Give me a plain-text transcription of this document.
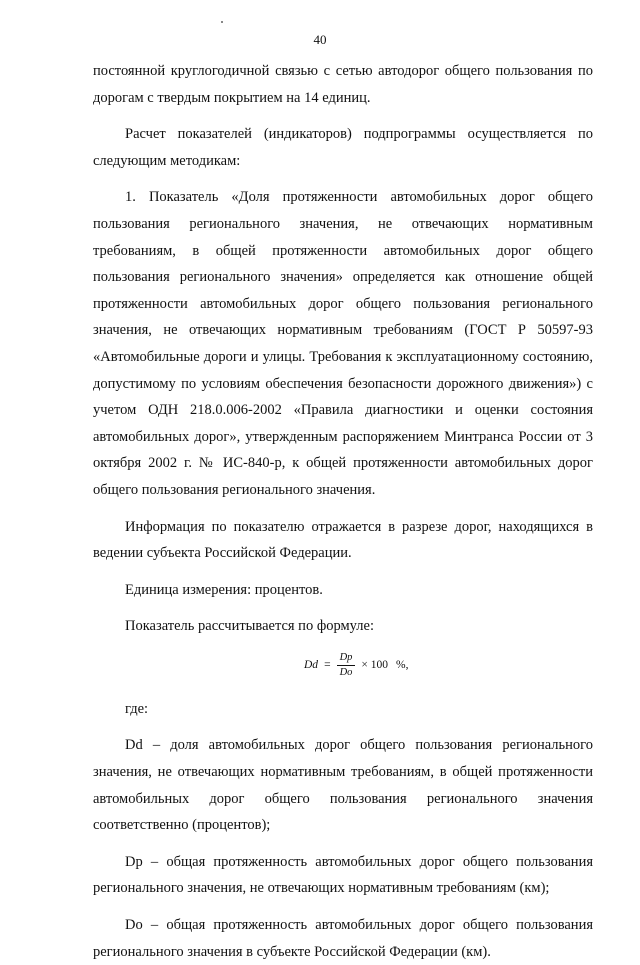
40

постоянной круглогодичной связью с сетью автодорог общего пользования по дорогам с твердым покрытием на 14 единиц.

Расчет показателей (индикаторов) подпрограммы осуществляется по следующим методикам:

1. Показатель «Доля протяженности автомобильных дорог общего пользования регионального значения, не отвечающих нормативным требованиям, в общей протяженности автомобильных дорог общего пользования регионального значения» определяется как отношение общей протяженности автомобильных дорог общего пользования регионального значения, не отвечающих нормативным требованиям (ГОСТ Р 50597-93 «Автомобильные дороги и улицы. Требования к эксплуатационному состоянию, допустимому по условиям обеспечения безопасности дорожного движения») с учетом ОДН 218.0.006-2002 «Правила диагностики и оценки состояния автомобильных дорог», утвержденным распоряжением Минтранса России от 3 октября 2002 г. № ИС-840-р, к общей протяженности автомобильных дорог общего пользования регионального значения.

Информация по показателю отражается в разрезе дорог, находящихся в ведении субъекта Российской Федерации.

Единица измерения: процентов.

Показатель рассчитывается по формуле:

$Dd = \frac{Dp}{Do} \times 100$ %,

где:

Dd – доля автомобильных дорог общего пользования регионального значения, не отвечающих нормативным требованиям, в общей протяженности автомобильных дорог общего пользования регионального значения соответственно (процентов);

Dp – общая протяженность автомобильных дорог общего пользования регионального значения, не отвечающих нормативным требованиям (км);

Do – общая протяженность автомобильных дорог общего пользования регионального значения в субъекте Российской Федерации (км).
